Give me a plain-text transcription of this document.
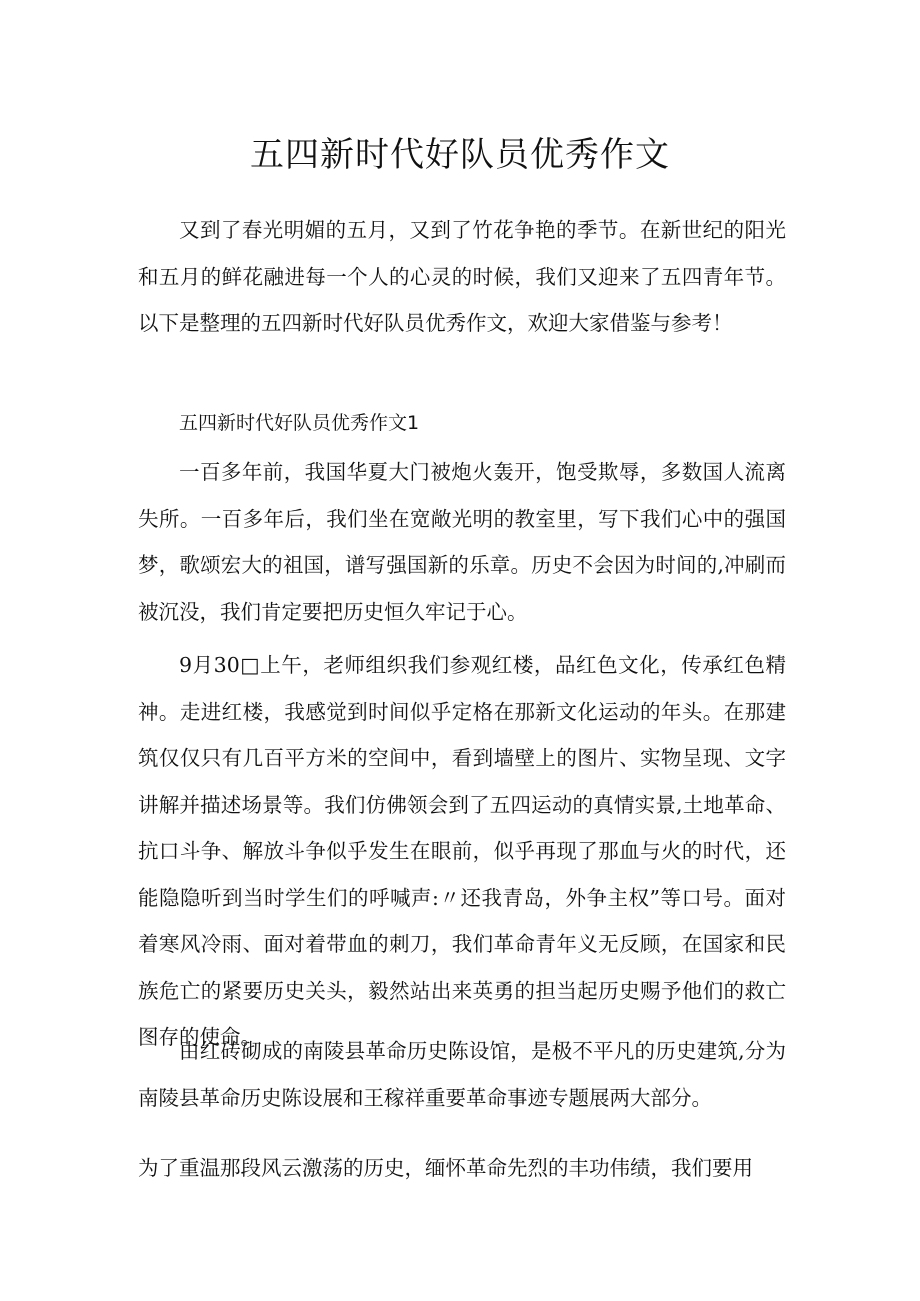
五四新时代好队员优秀作文

又到了春光明媚的五月，又到了竹花争艳的季节。在新世纪的阳光和五月的鲜花融进每一个人的心灵的时候，我们又迎来了五四青年节。以下是整理的五四新时代好队员优秀作文，欢迎大家借鉴与参考！

五四新时代好队员优秀作文1

一百多年前，我国华夏大门被炮火轰开，饱受欺辱，多数国人流离失所。一百多年后，我们坐在宽敞光明的教室里，写下我们心中的强国梦，歌颂宏大的祖国，谱写强国新的乐章。历史不会因为时间的,冲刷而被沉没，我们肯定要把历史恒久牢记于心。

9月30□上午，老师组织我们参观红楼，品红色文化，传承红色精神。走进红楼，我感觉到时间似乎定格在那新文化运动的年头。在那建筑仅仅只有几百平方米的空间中，看到墙壁上的图片、实物呈现、文字讲解并描述场景等。我们仿佛领会到了五四运动的真情实景,土地革命、抗口斗争、解放斗争似乎发生在眼前，似乎再现了那血与火的时代，还能隐隐听到当时学生们的呼喊声:〃还我青岛，外争主权”等口号。面对着寒风冷雨、面对着带血的刺刀，我们革命青年义无反顾，在国家和民族危亡的紧要历史关头，毅然站出来英勇的担当起历史赐予他们的救亡图存的使命。

由红砖砌成的南陵县革命历史陈设馆，是极不平凡的历史建筑,分为南陵县革命历史陈设展和王稼祥重要革命事迹专题展两大部分。

为了重温那段风云激荡的历史，缅怀革命先烈的丰功伟绩，我们要用
